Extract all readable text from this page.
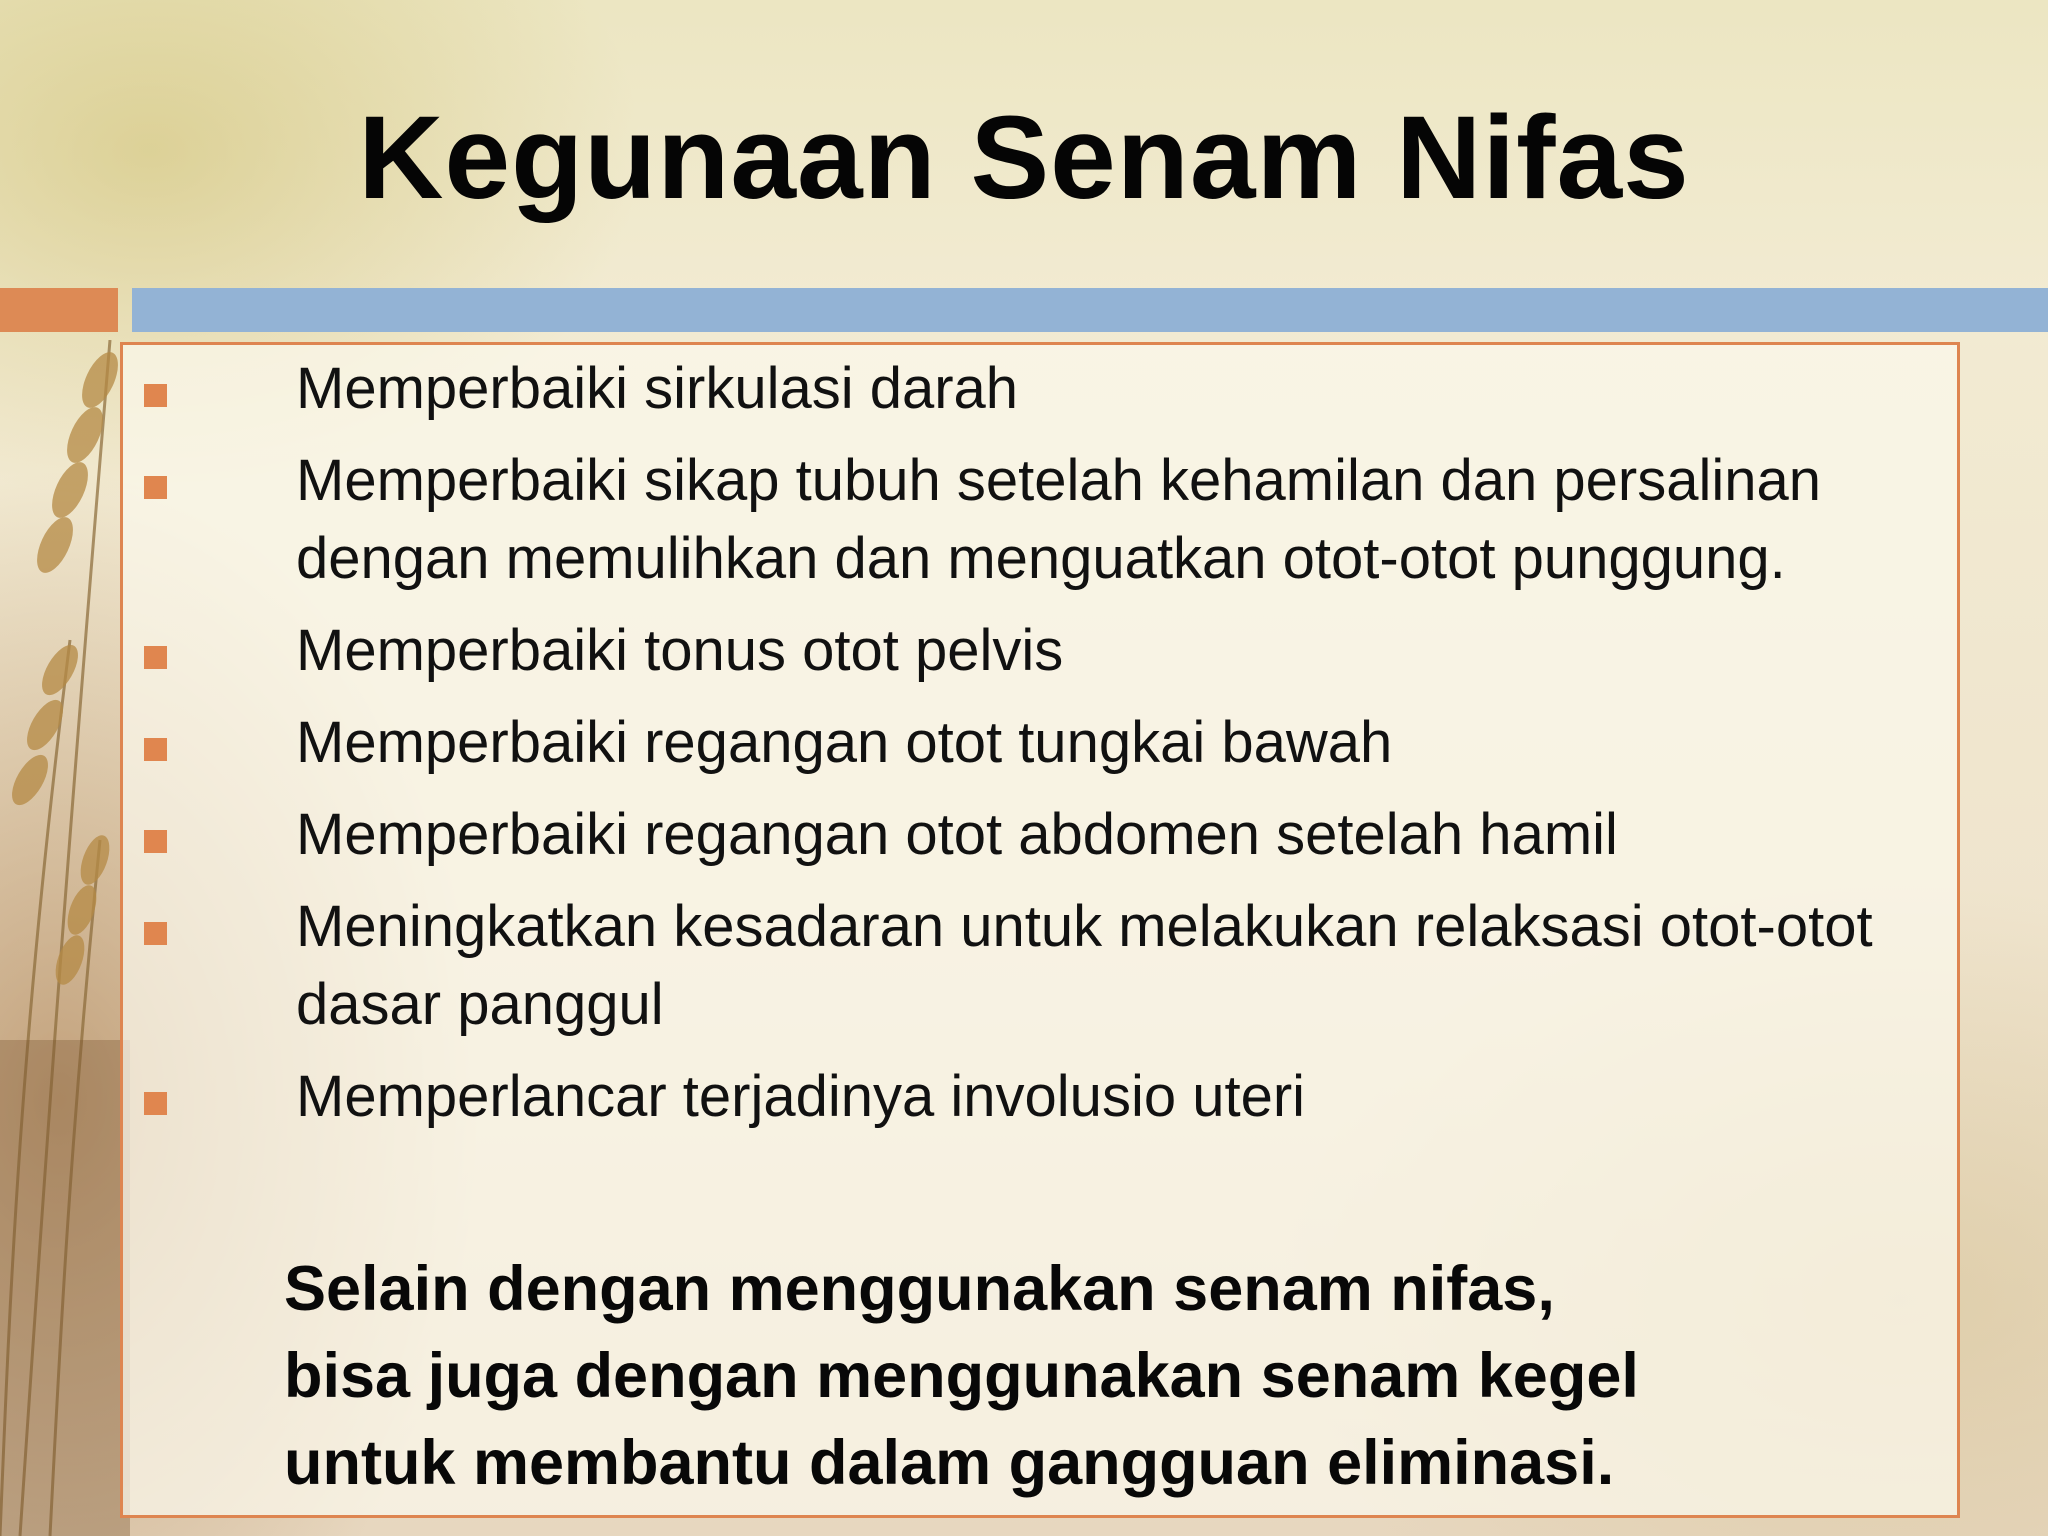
Kegunaan Senam Nifas
Memperbaiki sirkulasi darah
Memperbaiki sikap tubuh setelah kehamilan dan persalinan dengan memulihkan dan menguatkan otot-otot punggung.
Memperbaiki tonus otot pelvis
Memperbaiki regangan otot tungkai bawah
Memperbaiki regangan otot abdomen setelah hamil
Meningkatkan kesadaran untuk melakukan relaksasi otot-otot dasar panggul
Memperlancar terjadinya involusio uteri

Selain dengan menggunakan senam nifas,
bisa juga dengan menggunakan senam kegel
untuk membantu dalam gangguan eliminasi.
